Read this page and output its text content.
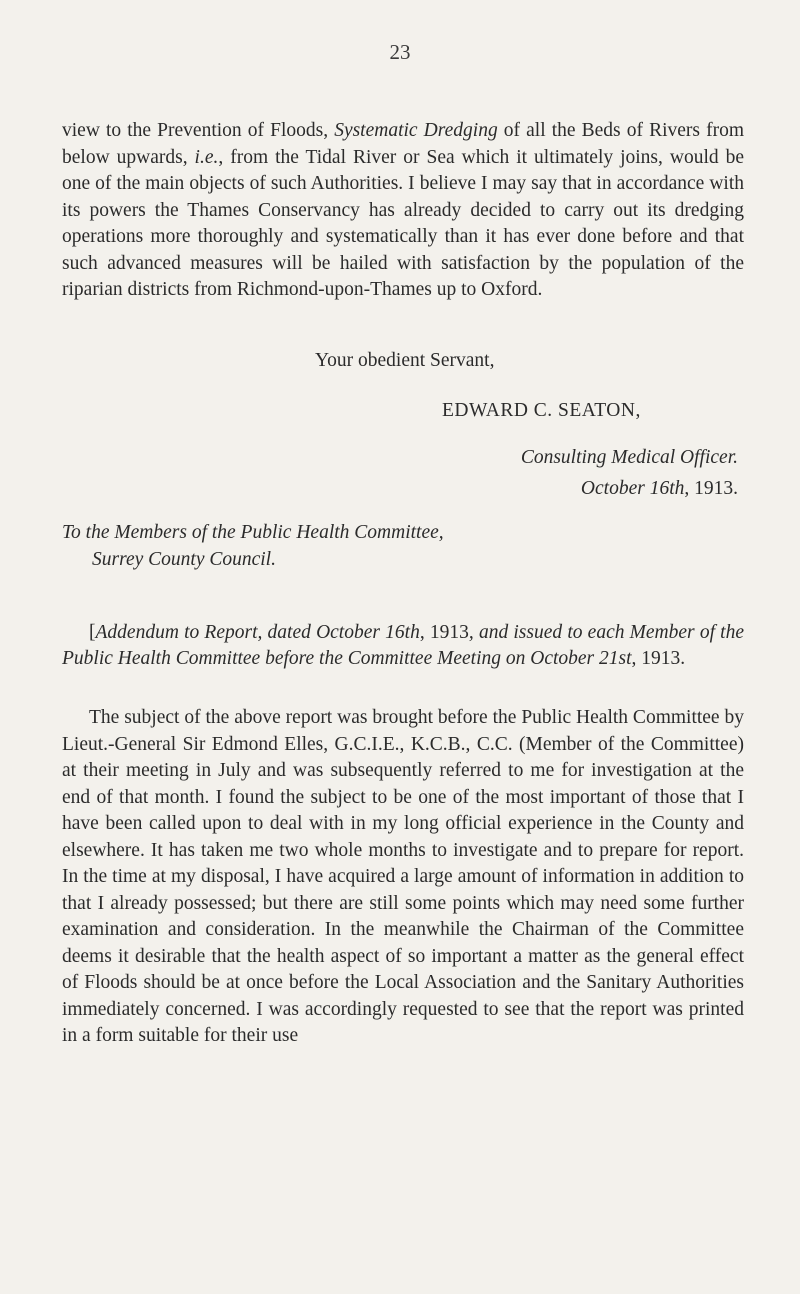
23

view to the Prevention of Floods, Systematic Dredging of all the Beds of Rivers from below upwards, i.e., from the Tidal River or Sea which it ultimately joins, would be one of the main objects of such Authorities. I believe I may say that in accordance with its powers the Thames Conservancy has already decided to carry out its dredging operations more thoroughly and systematically than it has ever done before and that such advanced measures will be hailed with satisfaction by the population of the riparian districts from Richmond-upon-Thames up to Oxford.

Your obedient Servant,
EDWARD C. SEATON,
Consulting Medical Officer.
October 16th, 1913.
To the Members of the Public Health Committee,
Surrey County Council.
[Addendum to Report, dated October 16th, 1913, and issued to each Member of the Public Health Committee before the Committee Meeting on October 21st, 1913.

The subject of the above report was brought before the Public Health Committee by Lieut.-General Sir Edmond Elles, G.C.I.E., K.C.B., C.C. (Member of the Committee) at their meeting in July and was subsequently referred to me for investigation at the end of that month. I found the subject to be one of the most important of those that I have been called upon to deal with in my long official experience in the County and elsewhere. It has taken me two whole months to investigate and to prepare for report. In the time at my disposal, I have acquired a large amount of information in addition to that I already possessed; but there are still some points which may need some further examination and consideration. In the meanwhile the Chairman of the Committee deems it desirable that the health aspect of so important a matter as the general effect of Floods should be at once before the Local Association and the Sanitary Authorities immediately concerned. I was accordingly requested to see that the report was printed in a form suitable for their use
